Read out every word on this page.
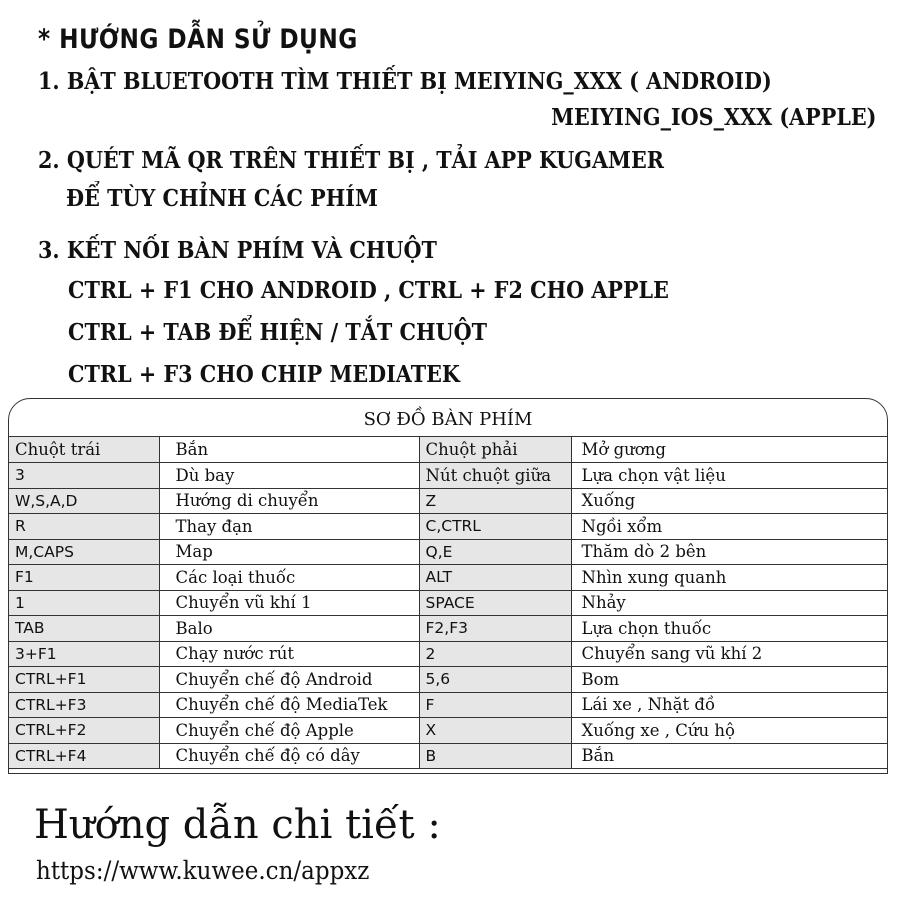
* HƯỚNG DẪN SỬ DỤNG
1. BẬT BLUETOOTH TÌM THIẾT BỊ MEIYING_XXX ( ANDROID)
MEIYING_IOS_XXX (APPLE)
2. QUÉT MÃ QR TRÊN THIẾT BỊ , TẢI APP KUGAMER
ĐỂ TÙY CHỈNH CÁC PHÍM
3. KẾT NỐI BÀN PHÍM VÀ CHUỘT
CTRL + F1 CHO ANDROID , CTRL + F2 CHO APPLE
CTRL + TAB ĐỂ HIỆN / TẮT CHUỘT
CTRL + F3 CHO CHIP MEDIATEK
SƠ ĐỒ BÀN PHÍM
Chuột trái	Bắn	Chuột phải	Mở gương
3	Dù bay	Nút chuột giữa	Lựa chọn vật liệu
W,S,A,D	Hướng di chuyển	Z	Xuống
R	Thay đạn	C,CTRL	Ngồi xổm
M,CAPS	Map	Q,E	Thăm dò 2 bên
F1	Các loại thuốc	ALT	Nhìn xung quanh
1	Chuyển vũ khí 1	SPACE	Nhảy
TAB	Balo	F2,F3	Lựa chọn thuốc
3+F1	Chạy nước rút	2	Chuyển sang vũ khí 2
CTRL+F1	Chuyển chế độ Android	5,6	Bom
CTRL+F3	Chuyển chế độ MediaTek	F	Lái xe , Nhặt đồ
CTRL+F2	Chuyển chế độ Apple	X	Xuống xe , Cứu hộ
CTRL+F4	Chuyển chế độ có dây	B	Bắn
Hướng dẫn chi tiết :
https://www.kuwee.cn/appxz
